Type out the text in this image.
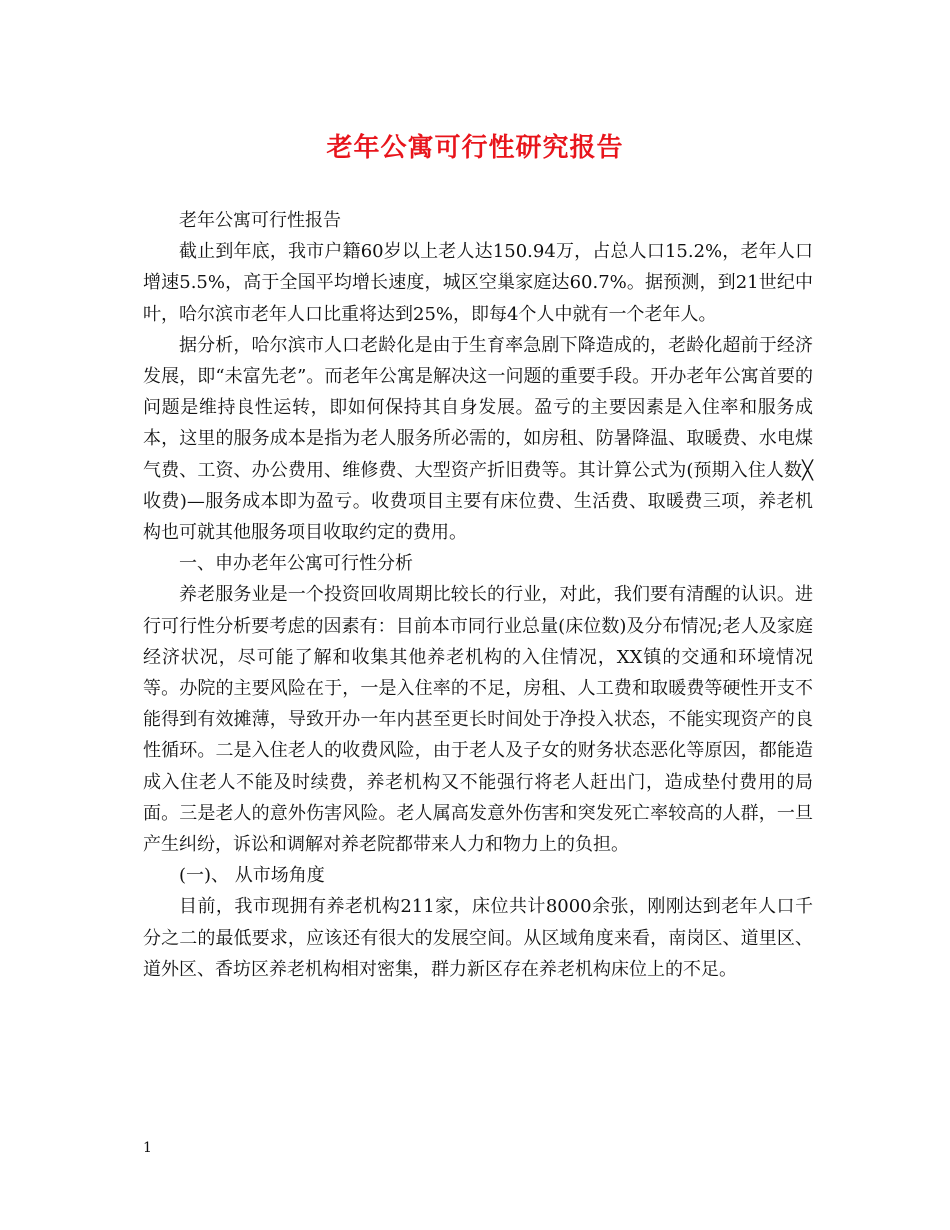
老年公寓可行性研究报告

老年公寓可行性报告

截止到年底，我市户籍60岁以上老人达150.94万，占总人口15.2%，老年人口增速5.5%，高于全国平均增长速度，城区空巢家庭达60.7%。据预测，到21世纪中叶，哈尔滨市老年人口比重将达到25%，即每4个人中就有一个老年人。

据分析，哈尔滨市人口老龄化是由于生育率急剧下降造成的，老龄化超前于经济发展，即“未富先老”。而老年公寓是解决这一问题的重要手段。开办老年公寓首要的问题是维持良性运转，即如何保持其自身发展。盈亏的主要因素是入住率和服务成本，这里的服务成本是指为老人服务所必需的，如房租、防暑降温、取暖费、水电煤气费、工资、办公费用、维修费、大型资产折旧费等。其计算公式为(预期入住人数╳收费)—服务成本即为盈亏。收费项目主要有床位费、生活费、取暖费三项，养老机构也可就其他服务项目收取约定的费用。

一、申办老年公寓可行性分析

养老服务业是一个投资回收周期比较长的行业，对此，我们要有清醒的认识。进行可行性分析要考虑的因素有：目前本市同行业总量(床位数)及分布情况;老人及家庭经济状况，尽可能了解和收集其他养老机构的入住情况，XX镇的交通和环境情况等。办院的主要风险在于，一是入住率的不足，房租、人工费和取暖费等硬性开支不能得到有效摊薄，导致开办一年内甚至更长时间处于净投入状态，不能实现资产的良性循环。二是入住老人的收费风险，由于老人及子女的财务状态恶化等原因，都能造成入住老人不能及时续费，养老机构又不能强行将老人赶出门，造成垫付费用的局面。三是老人的意外伤害风险。老人属高发意外伤害和突发死亡率较高的人群，一旦产生纠纷，诉讼和调解对养老院都带来人力和物力上的负担。

(一)、 从市场角度

目前，我市现拥有养老机构211家，床位共计8000余张，刚刚达到老年人口千分之二的最低要求，应该还有很大的发展空间。从区域角度来看，南岗区、道里区、道外区、香坊区养老机构相对密集，群力新区存在养老机构床位上的不足。

1
